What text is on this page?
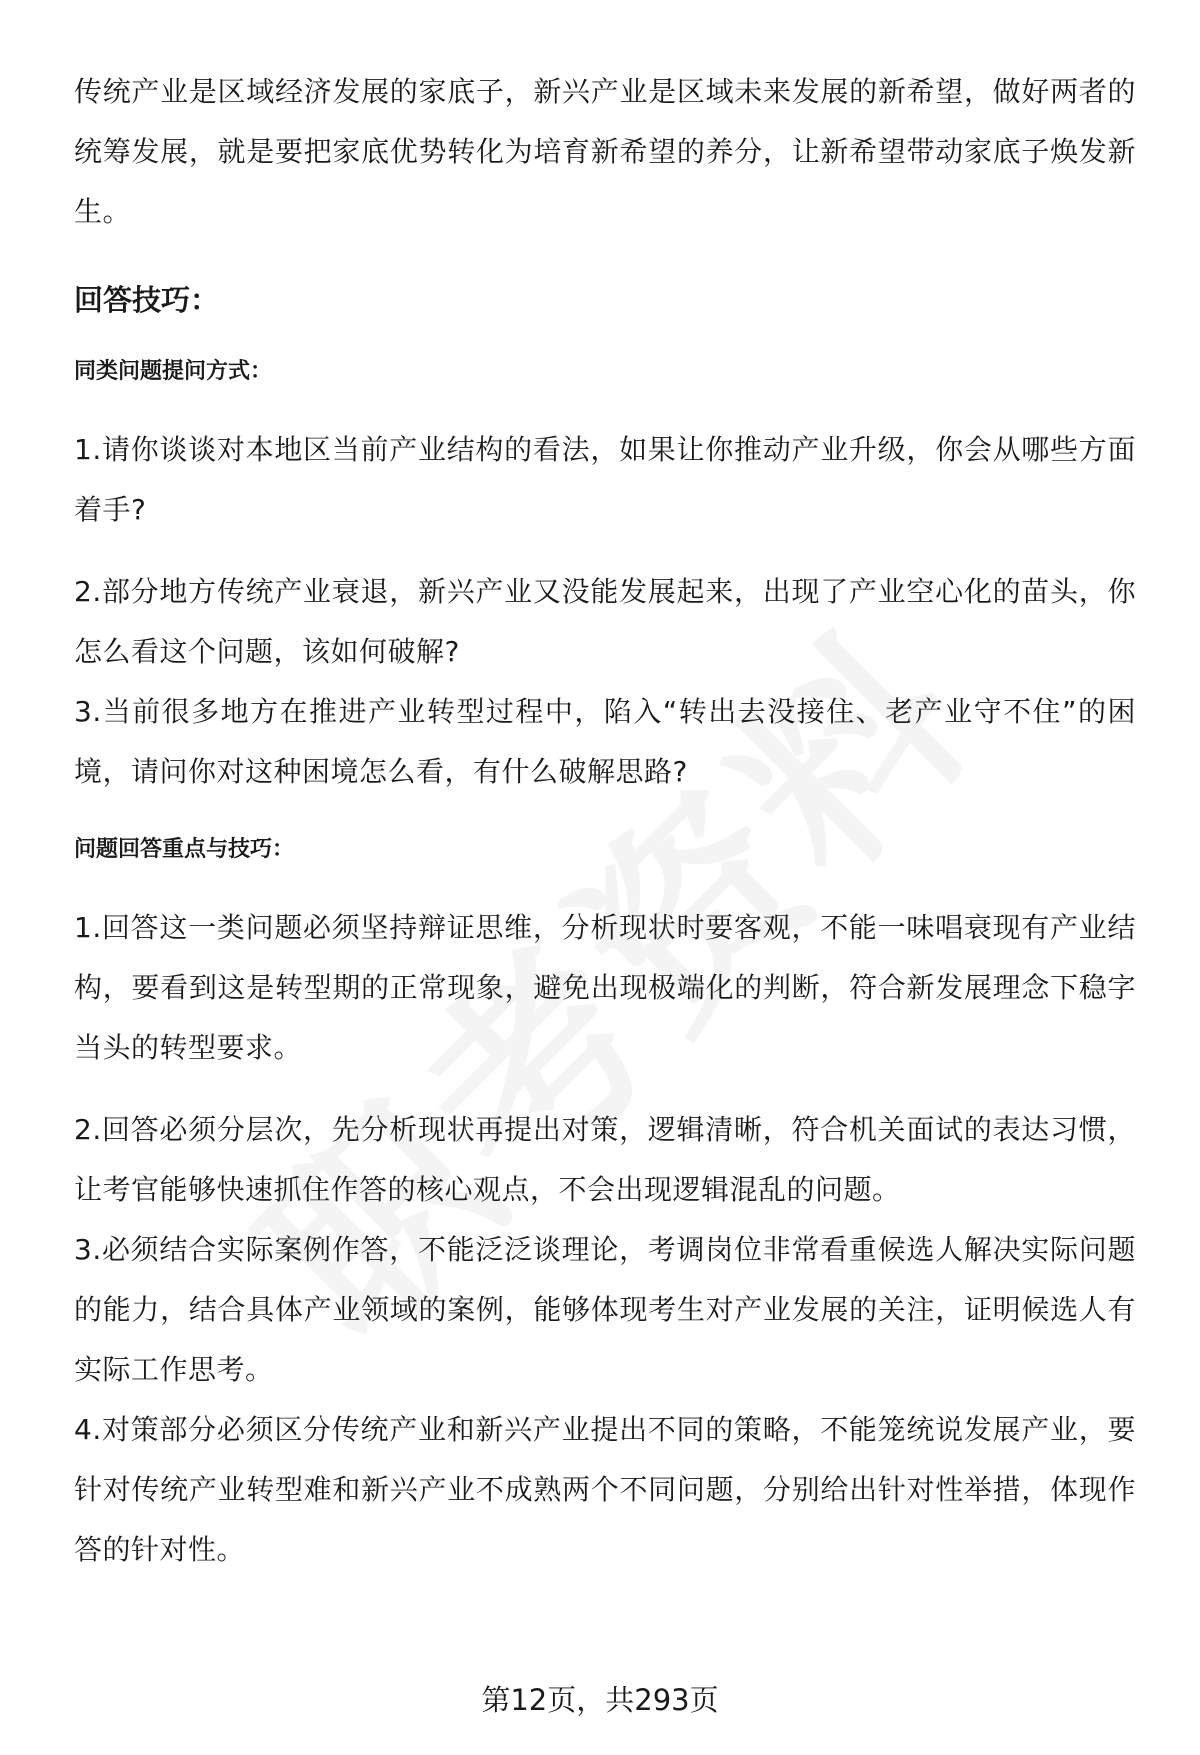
传统产业是区域经济发展的家底子，新兴产业是区域未来发展的新希望，做好两者的统筹发展，就是要把家底优势转化为培育新希望的养分，让新希望带动家底子焕发新生。

回答技巧：
同类问题提问方式：

1.请你谈谈对本地区当前产业结构的看法，如果让你推动产业升级，你会从哪些方面着手?

2.部分地方传统产业衰退，新兴产业又没能发展起来，出现了产业空心化的苗头，你怎么看这个问题，该如何破解?

3.当前很多地方在推进产业转型过程中，陷入“转出去没接住、老产业守不住”的困境，请问你对这种困境怎么看，有什么破解思路?

问题回答重点与技巧：

1.回答这一类问题必须坚持辩证思维，分析现状时要客观，不能一味唱衰现有产业结构，要看到这是转型期的正常现象，避免出现极端化的判断，符合新发展理念下稳字当头的转型要求。

2.回答必须分层次，先分析现状再提出对策，逻辑清晰，符合机关面试的表达习惯，让考官能够快速抓住作答的核心观点，不会出现逻辑混乱的问题。

3.必须结合实际案例作答，不能泛泛谈理论，考调岗位非常看重候选人解决实际问题的能力，结合具体产业领域的案例，能够体现考生对产业发展的关注，证明候选人有实际工作思考。

4.对策部分必须区分传统产业和新兴产业提出不同的策略，不能笼统说发展产业，要针对传统产业转型难和新兴产业不成熟两个不同问题，分别给出针对性举措，体现作答的针对性。

第12页，共293页
